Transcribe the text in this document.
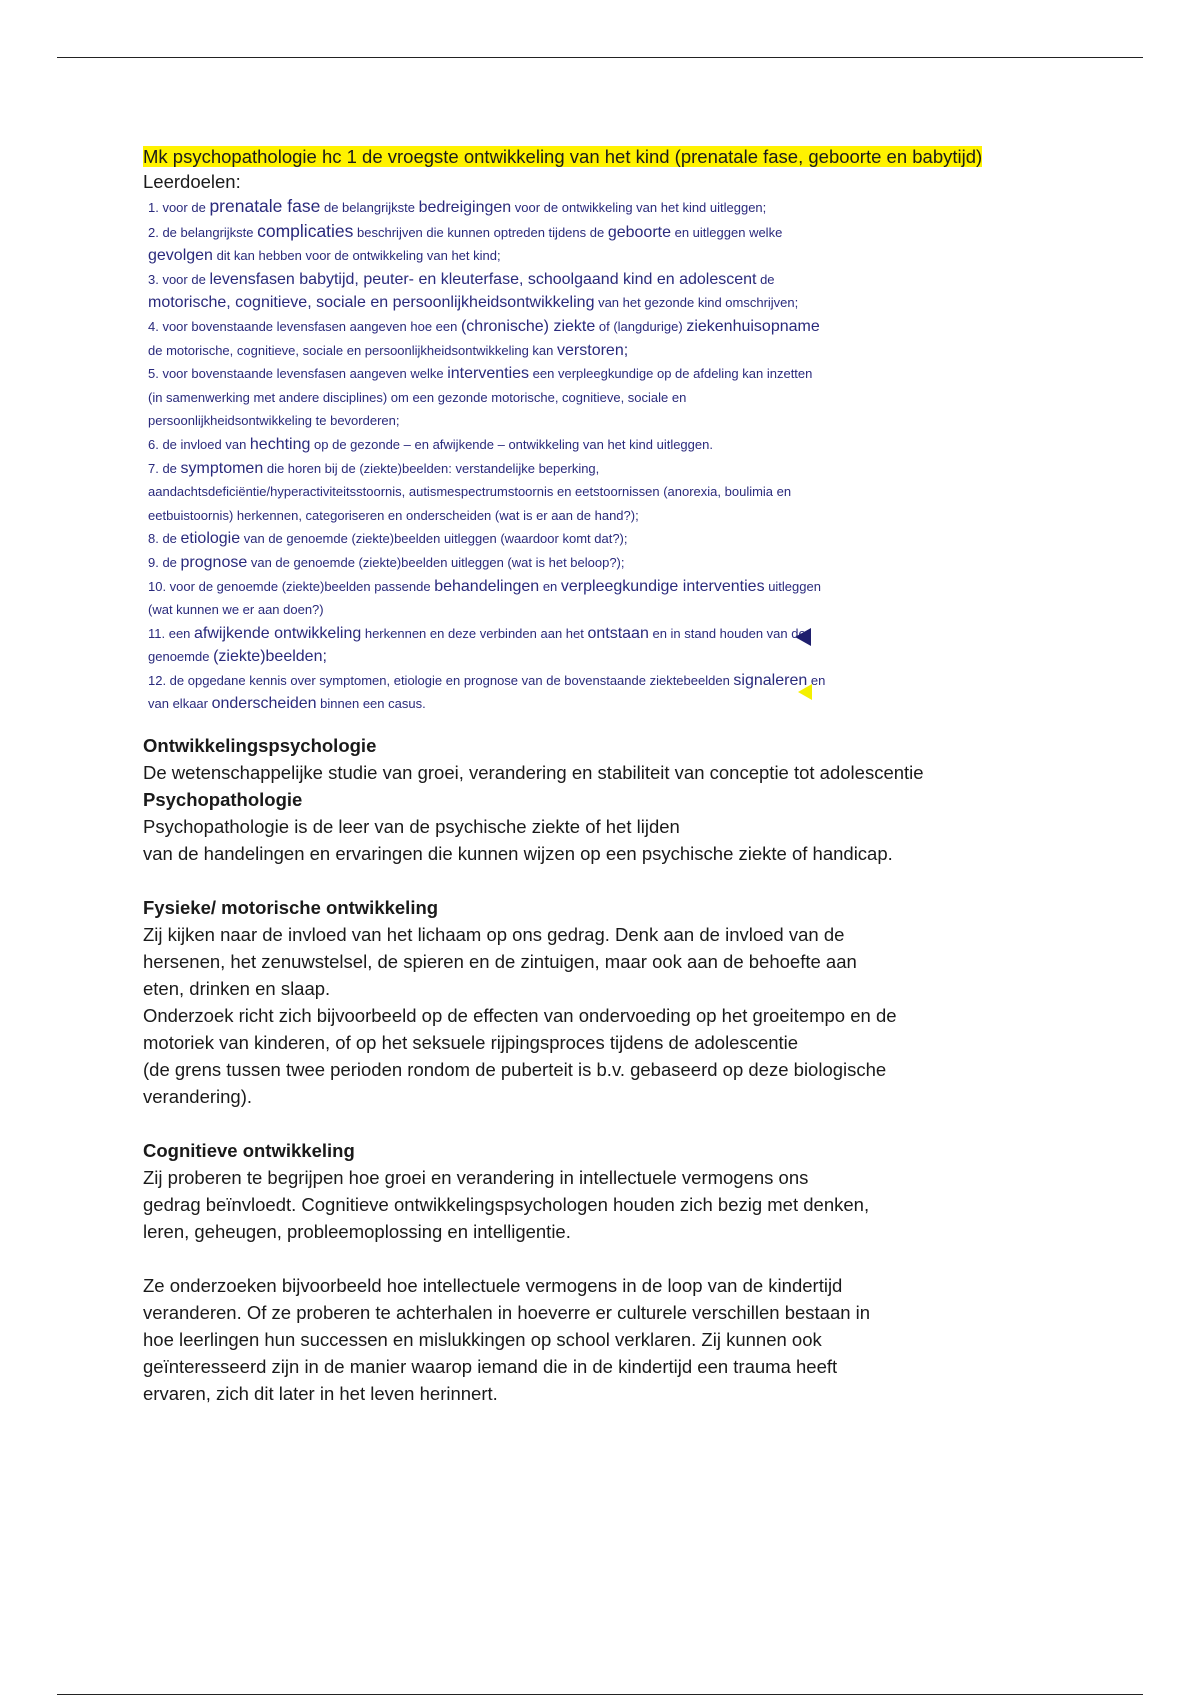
Mk psychopathologie hc 1 de vroegste ontwikkeling van het kind (prenatale fase, geboorte en babytijd)

Leerdoelen:

1. voor de prenatale fase de belangrijkste bedreigingen voor de ontwikkeling van het kind uitleggen;

2. de belangrijkste complicaties beschrijven die kunnen optreden tijdens de geboorte en uitleggen welke gevolgen dit kan hebben voor de ontwikkeling van het kind;

3. voor de levensfasen babytijd, peuter- en kleuterfase, schoolgaand kind en adolescent de motorische, cognitieve, sociale en persoonlijkheidsontwikkeling van het gezonde kind omschrijven;

4. voor bovenstaande levensfasen aangeven hoe een (chronische) ziekte of (langdurige) ziekenhuisopname de motorische, cognitieve, sociale en persoonlijkheidsontwikkeling kan verstoren;

5. voor bovenstaande levensfasen aangeven welke interventies een verpleegkundige op de afdeling kan inzetten (in samenwerking met andere disciplines) om een gezonde motorische, cognitieve, sociale en persoonlijkheidsontwikkeling te bevorderen;

6. de invloed van hechting op de gezonde – en afwijkende – ontwikkeling van het kind uitleggen.

7. de symptomen die horen bij de (ziekte)beelden: verstandelijke beperking, aandachtsdeficiëntie/hyperactiviteitsstoornis, autismespectrumstoornis en eetstoornissen (anorexia, boulimia en eetbuistoornis) herkennen, categoriseren en onderscheiden (wat is er aan de hand?);

8. de etiologie van de genoemde (ziekte)beelden uitleggen (waardoor komt dat?);

9. de prognose van de genoemde (ziekte)beelden uitleggen (wat is het beloop?);

10. voor de genoemde (ziekte)beelden passende behandelingen en verpleegkundige interventies uitleggen (wat kunnen we er aan doen?)

11. een afwijkende ontwikkeling herkennen en deze verbinden aan het ontstaan en in stand houden van de genoemde (ziekte)beelden;

12. de opgedane kennis over symptomen, etiologie en prognose van de bovenstaande ziektebeelden signaleren en van elkaar onderscheiden binnen een casus.

Ontwikkelingspsychologie

De wetenschappelijke studie van groei, verandering en stabiliteit van conceptie tot adolescentie

Psychopathologie

Psychopathologie is de leer van de psychische ziekte of het lijden

van de handelingen en ervaringen die kunnen wijzen op een psychische ziekte of handicap.

Fysieke/ motorische ontwikkeling

Zij kijken naar de invloed van het lichaam op ons gedrag. Denk aan de invloed van de

hersenen, het zenuwstelsel, de spieren en de zintuigen, maar ook aan de behoefte aan

eten, drinken en slaap.

Onderzoek richt zich bijvoorbeeld op de effecten van ondervoeding op het groeitempo en de

motoriek van kinderen, of op het seksuele rijpingsproces tijdens de adolescentie

(de grens tussen twee perioden rondom de puberteit is b.v. gebaseerd op deze biologische

verandering).

Cognitieve ontwikkeling

Zij proberen te begrijpen hoe groei en verandering in intellectuele vermogens ons

gedrag beïnvloedt. Cognitieve ontwikkelingspsychologen houden zich bezig met denken,

leren, geheugen, probleemoplossing en intelligentie.

Ze onderzoeken bijvoorbeeld hoe intellectuele vermogens in de loop van de kindertijd

veranderen. Of ze proberen te achterhalen in hoeverre er culturele verschillen bestaan in

hoe leerlingen hun successen en mislukkingen op school verklaren. Zij kunnen ook

geïnteresseerd zijn in de manier waarop iemand die in de kindertijd een trauma heeft

ervaren, zich dit later in het leven herinnert.
